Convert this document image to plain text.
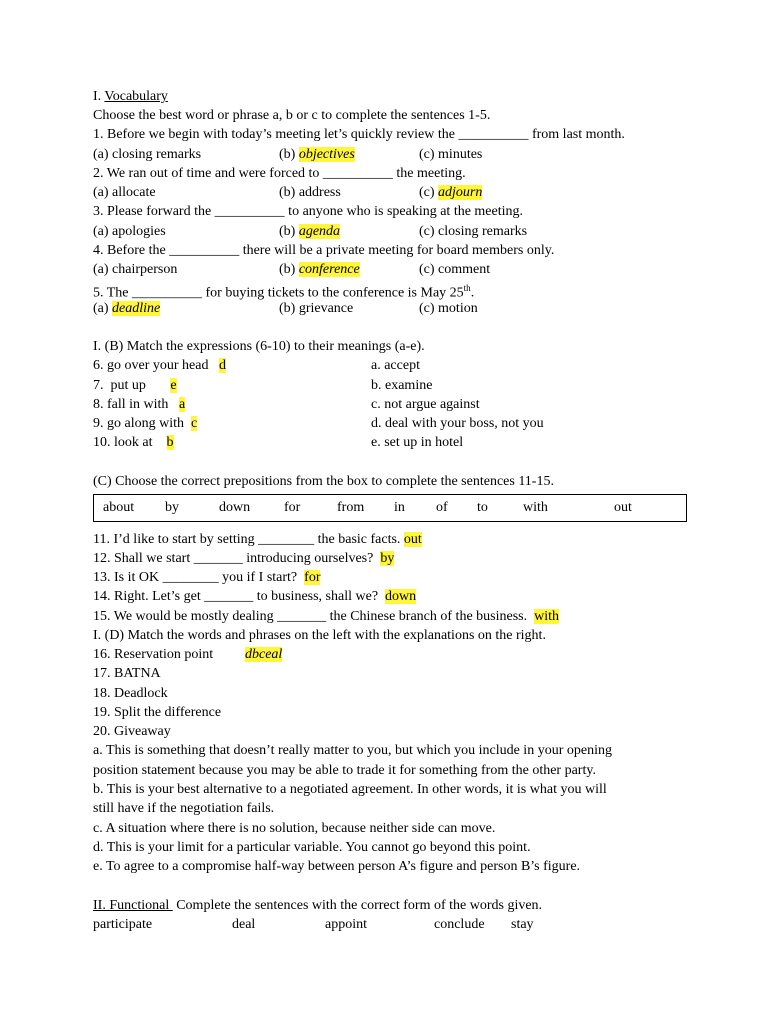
I. Vocabulary
Choose the best word or phrase a, b or c to complete the sentences 1-5.
1. Before we begin with today’s meeting let’s quickly review the __________ from last month.
(a) closing remarks	(b) objectives	(c) minutes
2. We ran out of time and were forced to __________ the meeting.
(a) allocate	(b) address	(c) adjourn
3. Please forward the __________ to anyone who is speaking at the meeting.
(a) apologies	(b) agenda	(c) closing remarks
4. Before the __________ there will be a private meeting for board members only.
(a) chairperson	(b) conference	(c) comment
5. The __________ for buying tickets to the conference is May 25th.
(a) deadline	(b) grievance	(c) motion
I. (B) Match the expressions (6-10) to their meanings (a-e).
6. go over your head   d	a. accept
7.  put up       e	b. examine
8. fall in with   a	c. not argue against
9. go along with  c	d. deal with your boss, not you
10. look at    b	e. set up in hotel
(C) Choose the correct prepositions from the box to complete the sentences 11-15.
about by	down for	from in of to	with	out
11. I’d like to start by setting ________ the basic facts. out
12. Shall we start _______ introducing ourselves?  by
13. Is it OK ________ you if I start?  for
14. Right. Let’s get _______ to business, shall we?  down
15. We would be mostly dealing _______ the Chinese branch of the business.  with
I. (D) Match the words and phrases on the left with the explanations on the right.
16. Reservation point dbceal
17. BATNA
18. Deadlock
19. Split the difference
20. Giveaway
a. This is something that doesn’t really matter to you, but which you include in your opening
position statement because you may be able to trade it for something from the other party.
b. This is your best alternative to a negotiated agreement. In other words, it is what you will
still have if the negotiation fails.
c. A situation where there is no solution, because neither side can move.
d. This is your limit for a particular variable. You cannot go beyond this point.
e. To agree to a compromise half-way between person A’s figure and person B’s figure.
II. Functional  Complete the sentences with the correct form of the words given.
participate	deal	appoint	conclude stay
